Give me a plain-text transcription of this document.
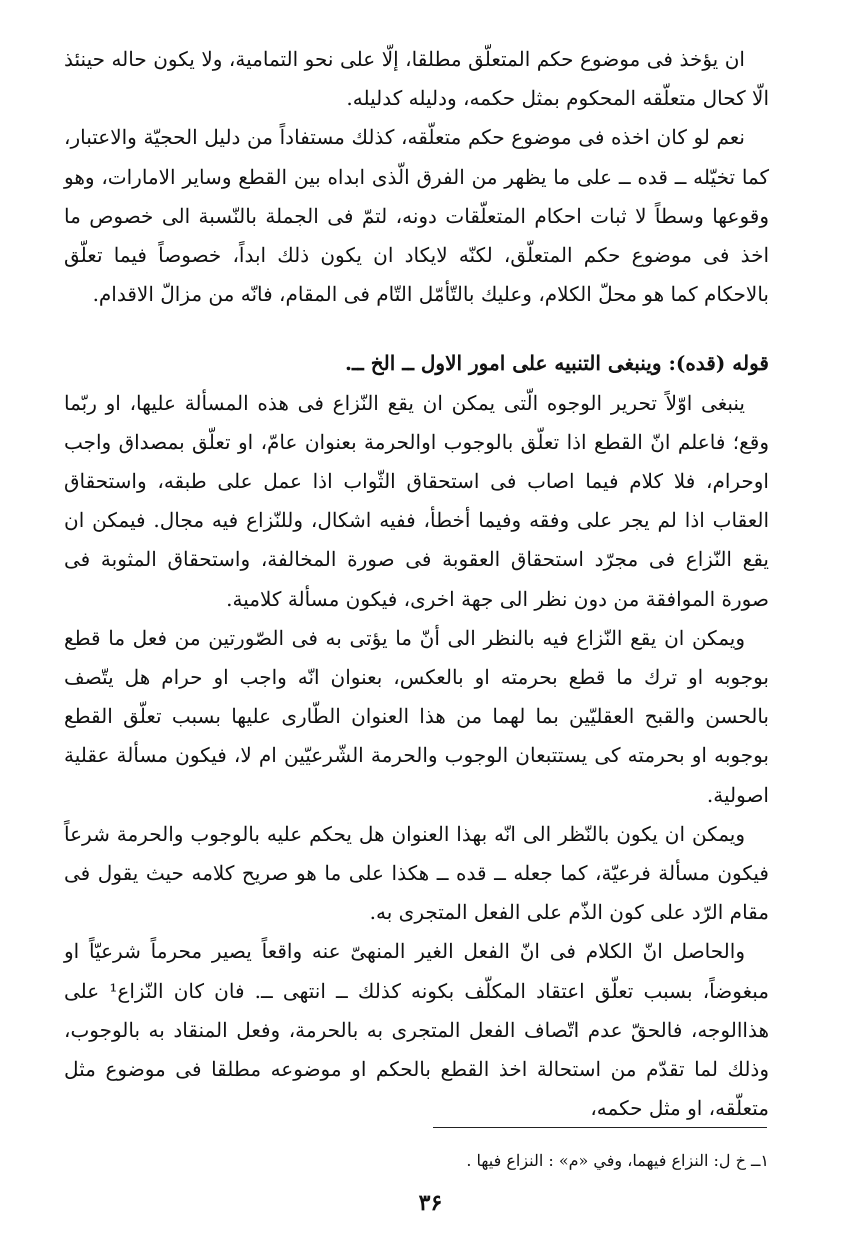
ان يؤخذ فى موضوع حكم المتعلّق مطلقا، إلّا على نحو التمامية، ولا يكون حاله حينئذ الّا كحال متعلّقه المحكوم بمثل حكمه، ودليله كدليله.

نعم لو كان اخذه فى موضوع حكم متعلّقه، كذلك مستفاداً من دليل الحجيّة والاعتبار، كما تخيّله ــ قده ــ على ما يظهر من الفرق الّذى ابداه بين القطع وساير الامارات، وهو وقوعها وسطاً لا ثبات احكام المتعلّقات دونه، لتمّ فى الجملة بالنّسبة الى خصوص ما اخذ فى موضوع حكم المتعلّق، لكنّه لايكاد ان يكون ذلك ابداً، خصوصاً فيما تعلّق بالاحكام كما هو محلّ الكلام، وعليك بالتّأمّل التّام فى المقام، فانّه من مزالّ الاقدام.

قوله (قده): وينبغى التنبيه على امور الاول ــ الخ ــ.

ينبغى اوّلاً تحرير الوجوه الّتى يمكن ان يقع النّزاع فى هذه المسألة عليها، او ربّما وقع؛ فاعلم انّ القطع اذا تعلّق بالوجوب اوالحرمة بعنوان عامّ، او تعلّق بمصداق واجب اوحرام، فلا كلام فيما اصاب فى استحقاق الثّواب اذا عمل على طبقه، واستحقاق العقاب اذا لم يجر على وفقه وفيما أخطأ، ففيه اشكال، وللنّزاع فيه مجال. فيمكن ان يقع النّزاع فى مجرّد استحقاق العقوبة فى صورة المخالفة، واستحقاق المثوبة فى صورة الموافقة من دون نظر الى جهة اخرى، فيكون مسألة كلامية.

ويمكن ان يقع النّزاع فيه بالنظر الى أنّ ما يؤتى به فى الصّورتين من فعل ما قطع بوجوبه او ترك ما قطع بحرمته او بالعكس، بعنوان انّه واجب او حرام هل يتّصف بالحسن والقبح العقليّين بما لهما من هذا العنوان الطّارى عليها بسبب تعلّق القطع بوجوبه او بحرمته كى يستتبعان الوجوب والحرمة الشّرعيّين ام لا، فيكون مسألة عقلية اصولية.

ويمكن ان يكون بالنّظر الى انّه بهذا العنوان هل يحكم عليه بالوجوب والحرمة شرعاً فيكون مسألة فرعيّة، كما جعله ــ قده ــ هكذا على ما هو صريح كلامه حيث يقول فى مقام الرّد على كون الذّم على الفعل المتجرى به.

والحاصل انّ الكلام فى انّ الفعل الغير المنهىّ عنه واقعاً يصير محرماً شرعيّاً او مبغوضاً، بسبب تعلّق اعتقاد المكلّف بكونه كذلك ــ انتهى ــ. فان كان النّزاع¹ على هذاالوجه، فالحقّ عدم اتّصاف الفعل المتجرى به بالحرمة، وفعل المنقاد به بالوجوب، وذلك لما تقدّم من استحالة اخذ القطع بالحكم او موضوعه مطلقا فى موضوع مثل متعلّقه، او مثل حكمه،

١ــ خ ل: النزاع فيهما، وفي «م» : النزاع فيها .
٣۶
